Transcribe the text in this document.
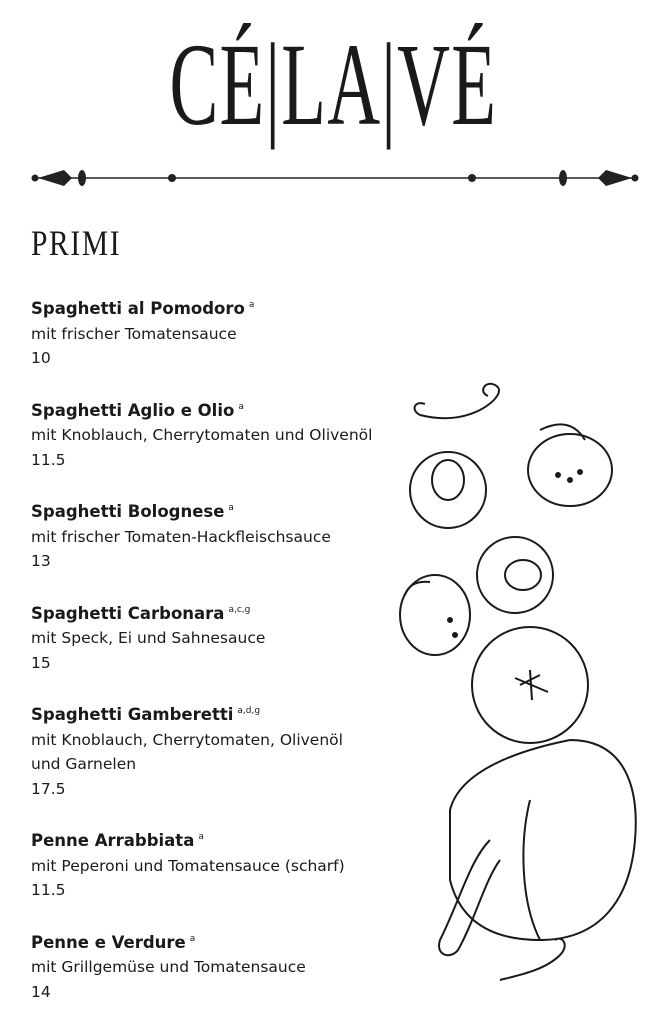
CÉ|LA|VÉ
PRIMI
Spaghetti al Pomodoro $^a$
mit frischer Tomatensauce
10
Spaghetti Aglio e Olio $^a$
mit Knoblauch, Cherrytomaten und Olivenöl
11.5
Spaghetti Bolognese $^a$
mit frischer Tomaten-Hackfleischsauce
13
Spaghetti Carbonara $^{a,c,g}$
mit Speck, Ei und Sahnesauce
15
Spaghetti Gamberetti $^{a,d,g}$
mit Knoblauch, Cherrytomaten, Olivenöl und Garnelen
17.5
Penne Arrabbiata $^a$
mit Peperoni und Tomatensauce (scharf)
11.5
Penne e Verdure $^a$
mit Grillgemüse und Tomatensauce
14
